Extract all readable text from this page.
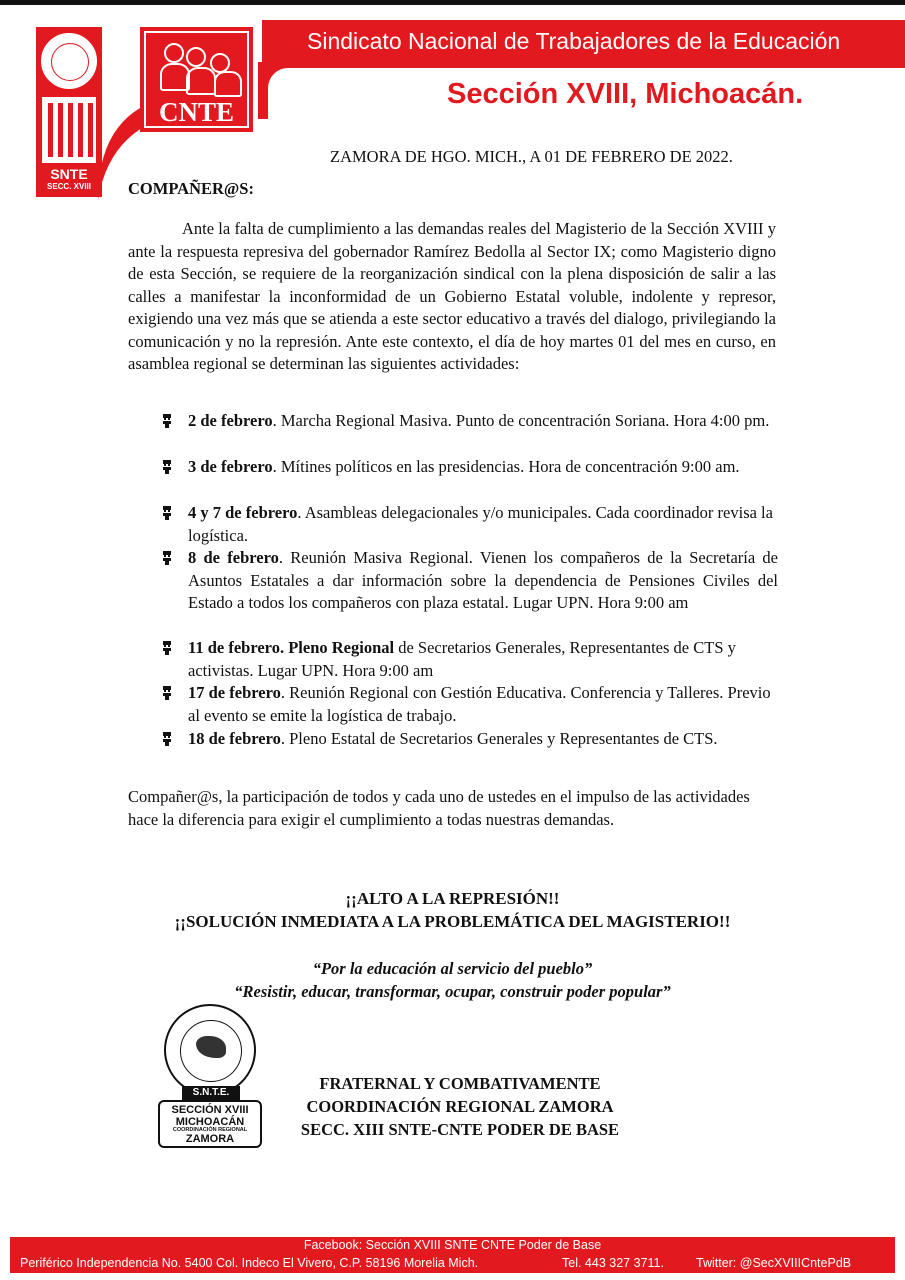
SNTE
SECC. XVIII
CNTE
Sindicato Nacional de Trabajadores de la Educación
Sección XVIII, Michoacán.
ZAMORA DE HGO. MICH., A 01 DE FEBRERO DE 2022.
COMPAÑER@S:
Ante la falta de cumplimiento a las demandas reales del Magisterio de la Sección XVIII y ante la respuesta represiva del gobernador Ramírez Bedolla al Sector IX; como Magisterio digno de esta Sección, se requiere de la reorganización sindical con la plena disposición de salir a las calles a manifestar la inconformidad de un Gobierno Estatal voluble, indolente y represor, exigiendo una vez más que se atienda a este sector educativo a través del dialogo, privilegiando la comunicación y no la represión. Ante este contexto, el día de hoy martes 01 del mes en curso, en asamblea regional se determinan las siguientes actividades:
2 de febrero. Marcha Regional Masiva. Punto de concentración Soriana. Hora 4:00 pm.
3 de febrero. Mítines políticos en las presidencias. Hora de concentración 9:00 am.
4 y 7 de febrero. Asambleas delegacionales y/o municipales. Cada coordinador revisa la logística.
8 de febrero. Reunión Masiva Regional. Vienen los compañeros de la Secretaría de Asuntos Estatales a dar información sobre la dependencia de Pensiones Civiles del Estado a todos los compañeros con plaza estatal. Lugar UPN. Hora 9:00 am
11 de febrero. Pleno Regional de Secretarios Generales, Representantes de CTS y activistas. Lugar UPN. Hora 9:00 am
17 de febrero. Reunión Regional con Gestión Educativa. Conferencia y Talleres. Previo al evento se emite la logística de trabajo.
18 de febrero. Pleno Estatal de Secretarios Generales y Representantes de CTS.
Compañer@s, la participación de todos y cada uno de ustedes en el impulso de las actividades hace la diferencia para exigir el cumplimiento a todas nuestras demandas.
¡¡ALTO A LA REPRESIÓN!!
¡¡SOLUCIÓN INMEDIATA A LA PROBLEMÁTICA DEL MAGISTERIO!!
“Por la educación al servicio del pueblo”
“Resistir, educar, transformar, ocupar, construir poder popular”
S.N.T.E.
SECCIÓN XVIII
MICHOACÁN
COORDINACIÓN REGIONAL
ZAMORA
FRATERNAL Y COMBATIVAMENTE
COORDINACIÓN REGIONAL ZAMORA
SECC. XIII SNTE-CNTE PODER DE BASE
Facebook: Sección XVIII SNTE CNTE Poder de Base
Periférico Independencia No. 5400 Col. Indeco El Vivero, C.P. 58196 Morelia Mich.	Tel. 443 327 3711.	Twitter: @SecXVIIICntePdB
